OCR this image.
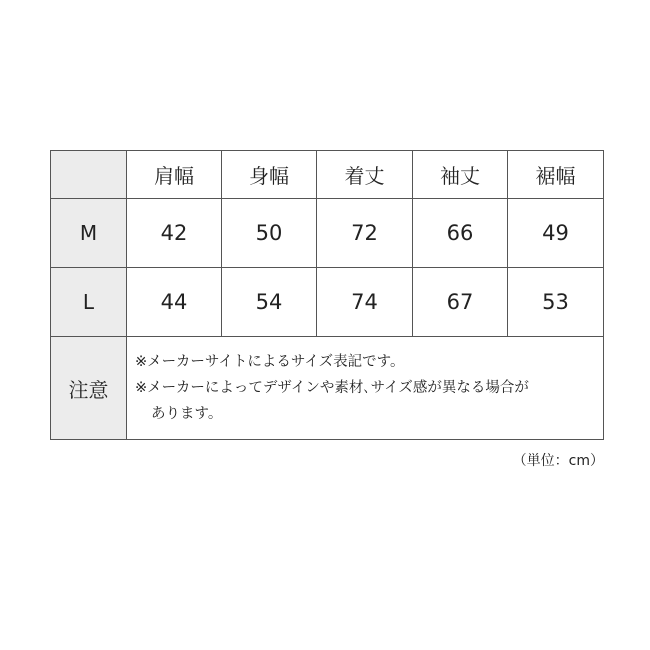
	肩幅	身幅	着丈	袖丈	裾幅
M	42	50	72	66	49
L	44	54	74	67	53
注意	※メーカーサイトによるサイズ表記です。
※メーカーによってデザインや素材､サイズ感が異なる場合が
あります。				
（単位：cm）
